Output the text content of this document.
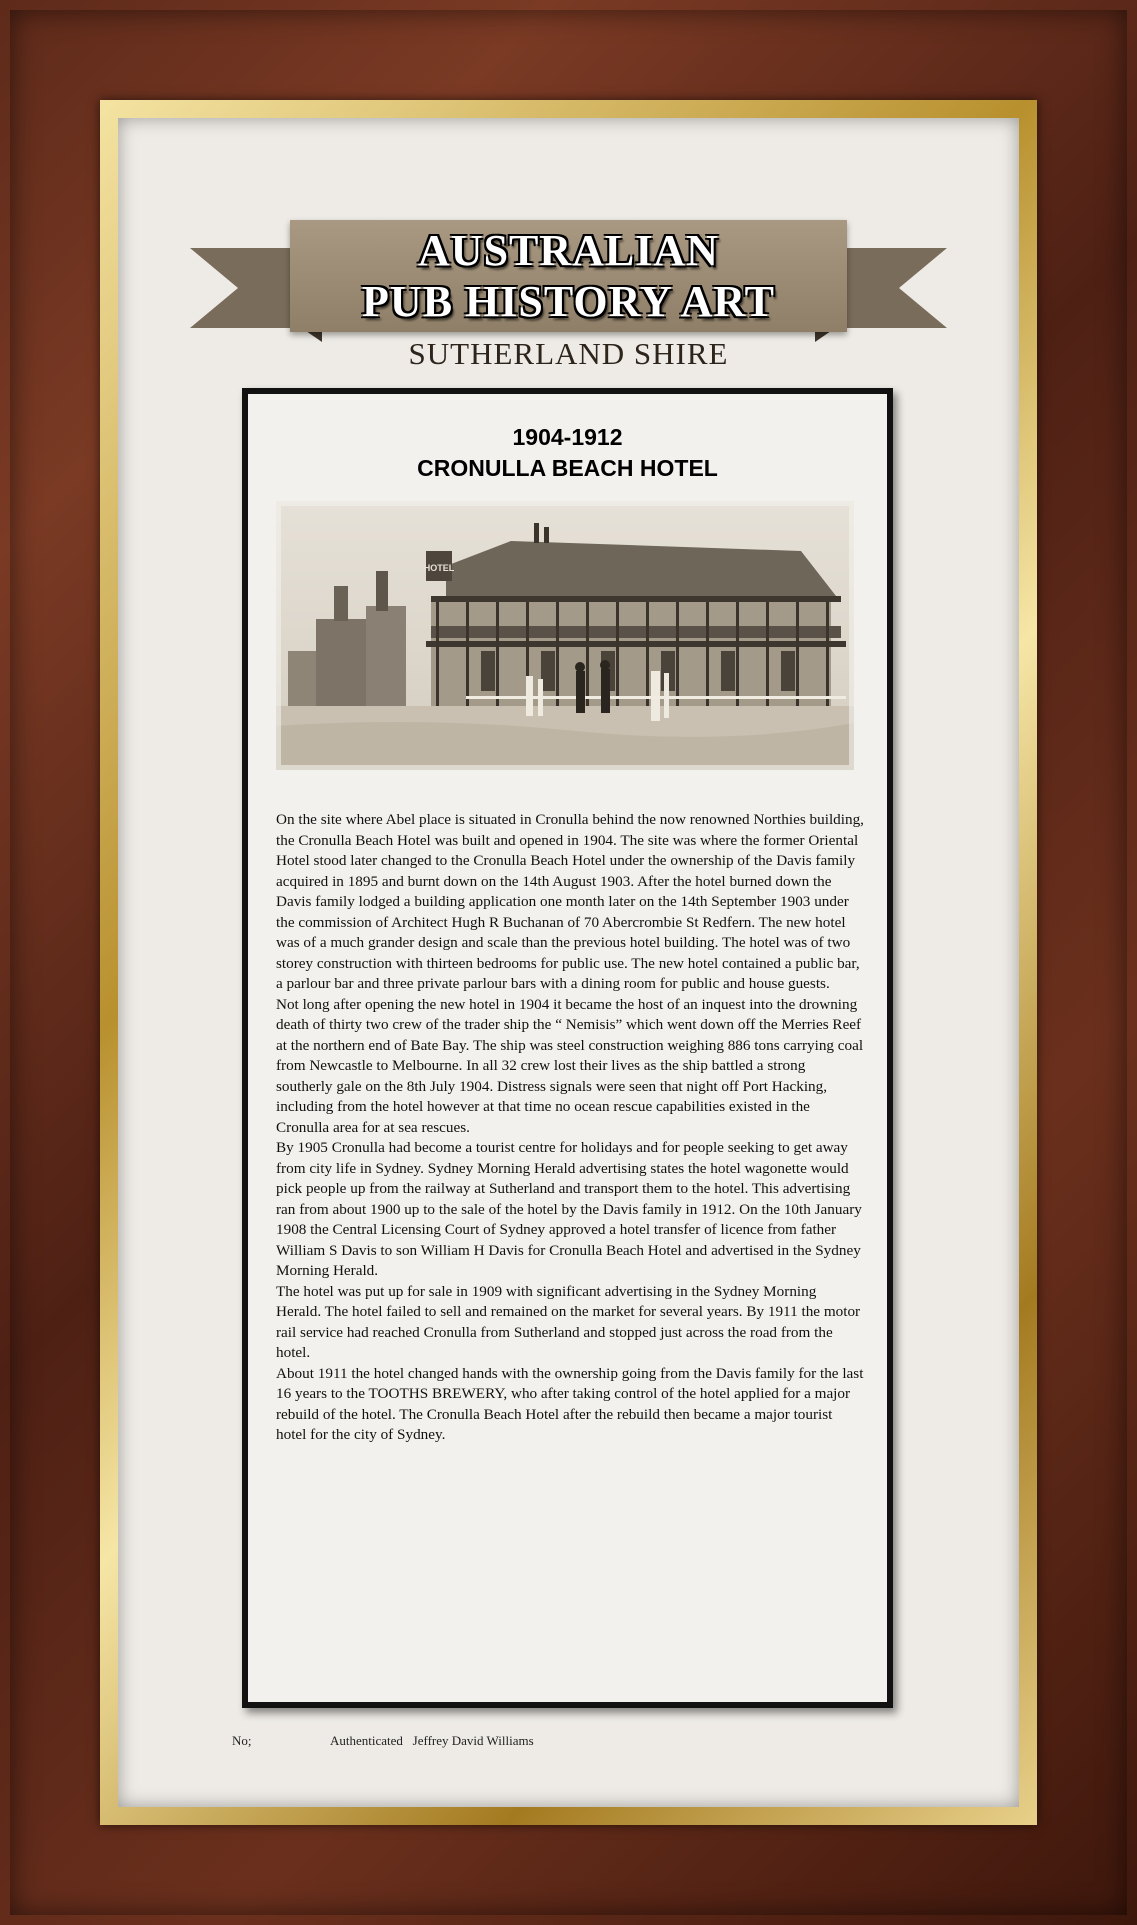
AUSTRALIAN
PUB HISTORY ART
SUTHERLAND SHIRE
1904-1912
CRONULLA BEACH HOTEL
HOTEL

On the site where Abel place is situated in Cronulla behind the now renowned Northies building, the Cronulla Beach Hotel was built and opened in 1904. The site was where the former Oriental Hotel stood later changed to the Cronulla Beach Hotel under the ownership of the Davis family acquired in 1895 and burnt down on the 14th August 1903. After the hotel burned down the Davis family lodged a building application one month later on the 14th September 1903 under the commission of Architect Hugh R Buchanan of 70 Abercrombie St Redfern. The new hotel was of a much grander design and scale than the previous hotel building. The hotel was of two storey construction with thirteen bedrooms for public use. The new hotel contained a public bar, a parlour bar and three private parlour bars with a dining room for public and house guests.

Not long after opening the new hotel in 1904 it became the host of an inquest into the drowning death of thirty two crew of the trader ship the “ Nemisis” which went down off the Merries Reef at the northern end of Bate Bay. The ship was steel construction weighing 886 tons carrying coal from Newcastle to Melbourne. In all 32 crew lost their lives as the ship battled a strong southerly gale on the 8th July 1904. Distress signals were seen that night off Port Hacking, including from the hotel however at that time no ocean rescue capabilities existed in the Cronulla area for at sea rescues.

By 1905 Cronulla had become a tourist centre for holidays and for people seeking to get away from city life in Sydney. Sydney Morning Herald advertising states the hotel wagonette would pick people up from the railway at Sutherland and transport them to the hotel. This advertising ran from about 1900 up to the sale of the hotel by the Davis family in 1912. On the 10th January 1908 the Central Licensing Court of Sydney approved a hotel transfer of licence from father William S Davis to son William H Davis for Cronulla Beach Hotel and advertised in the Sydney Morning Herald.

The hotel was put up for sale in 1909 with significant advertising in the Sydney Morning Herald. The hotel failed to sell and remained on the market for several years. By 1911 the motor rail service had reached Cronulla from Sutherland and stopped just across the road from the hotel.

About 1911 the hotel changed hands with the ownership going from the Davis family for the last 16 years to the TOOTHS BREWERY, who after taking control of the hotel applied for a major rebuild of the hotel. The Cronulla Beach Hotel after the rebuild then became a major tourist hotel for the city of Sydney.

No;	Authenticated   Jeffrey David Williams
